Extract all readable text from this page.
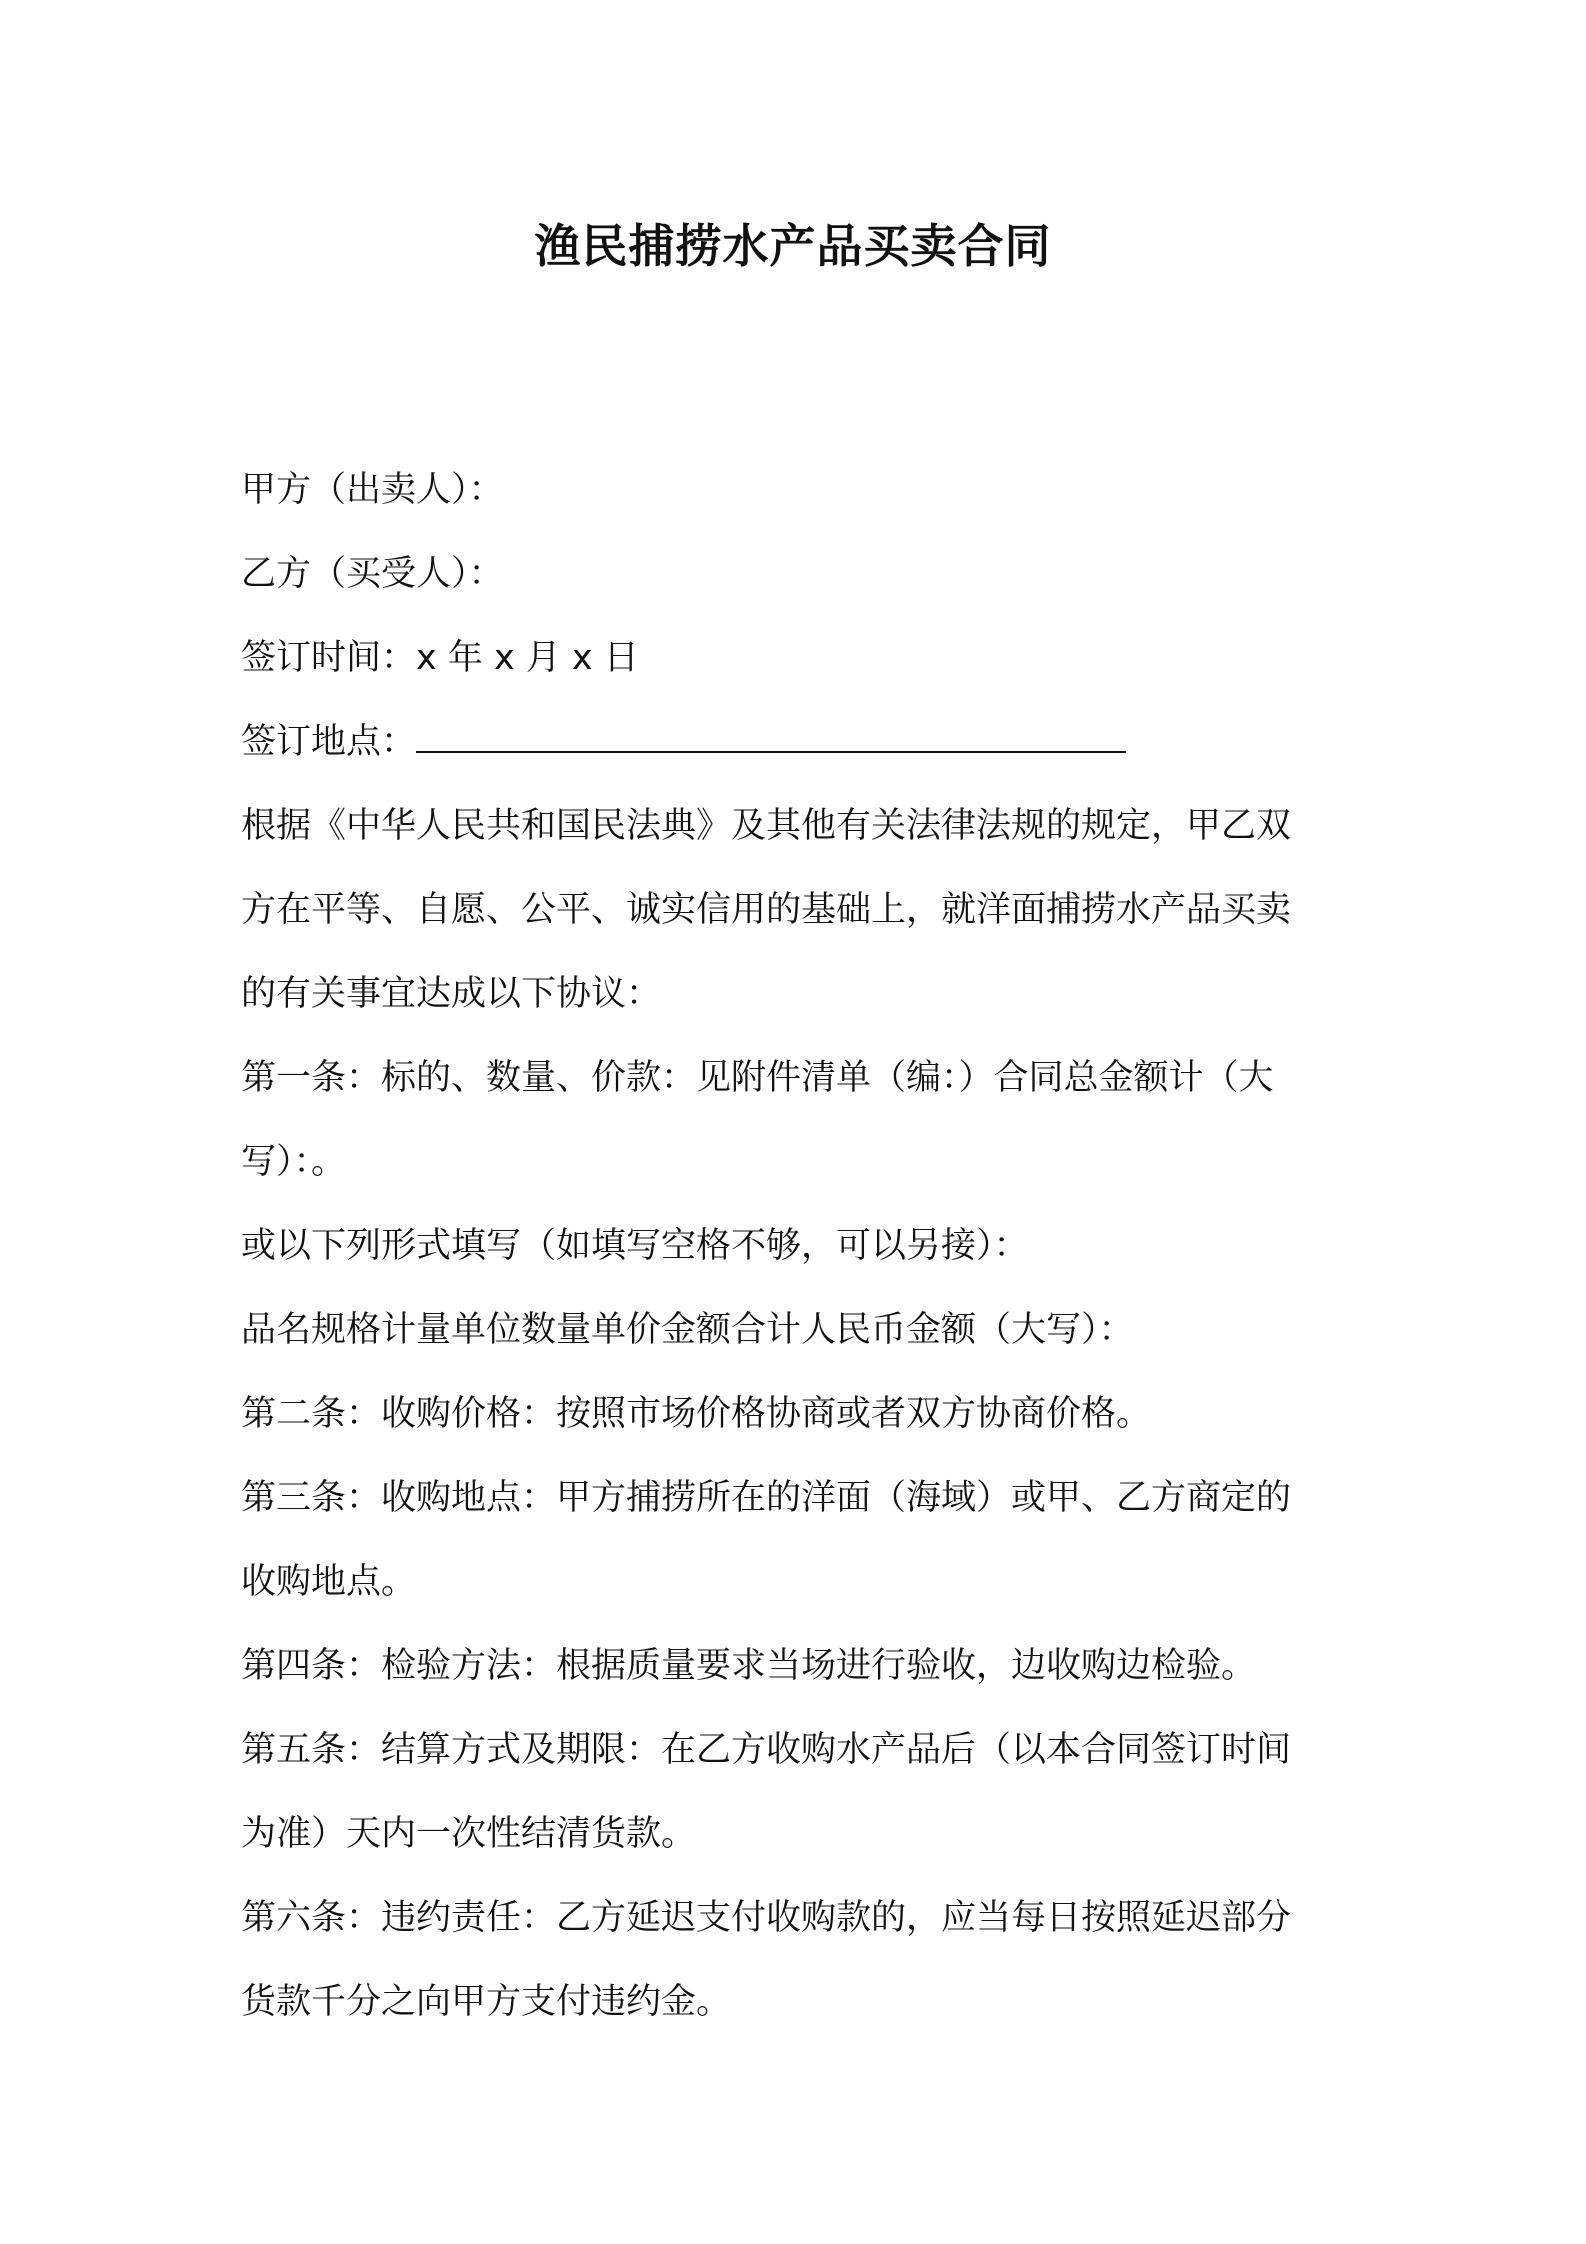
渔民捕捞水产品买卖合同
甲方（出卖人）：
乙方（买受人）：
签订时间：x 年 x 月 x 日
签订地点：
根据《中华人民共和国民法典》及其他有关法律法规的规定，甲乙双
方在平等、自愿、公平、诚实信用的基础上，就洋面捕捞水产品买卖
的有关事宜达成以下协议：
第一条：标的、数量、价款：见附件清单（编：）合同总金额计（大
写）：。
或以下列形式填写（如填写空格不够，可以另接）：
品名规格计量单位数量单价金额合计人民币金额（大写）：
第二条：收购价格：按照市场价格协商或者双方协商价格。
第三条：收购地点：甲方捕捞所在的洋面（海域）或甲、乙方商定的
收购地点。
第四条：检验方法：根据质量要求当场进行验收，边收购边检验。
第五条：结算方式及期限：在乙方收购水产品后（以本合同签订时间
为准）天内一次性结清货款。
第六条：违约责任：乙方延迟支付收购款的，应当每日按照延迟部分
货款千分之向甲方支付违约金。
